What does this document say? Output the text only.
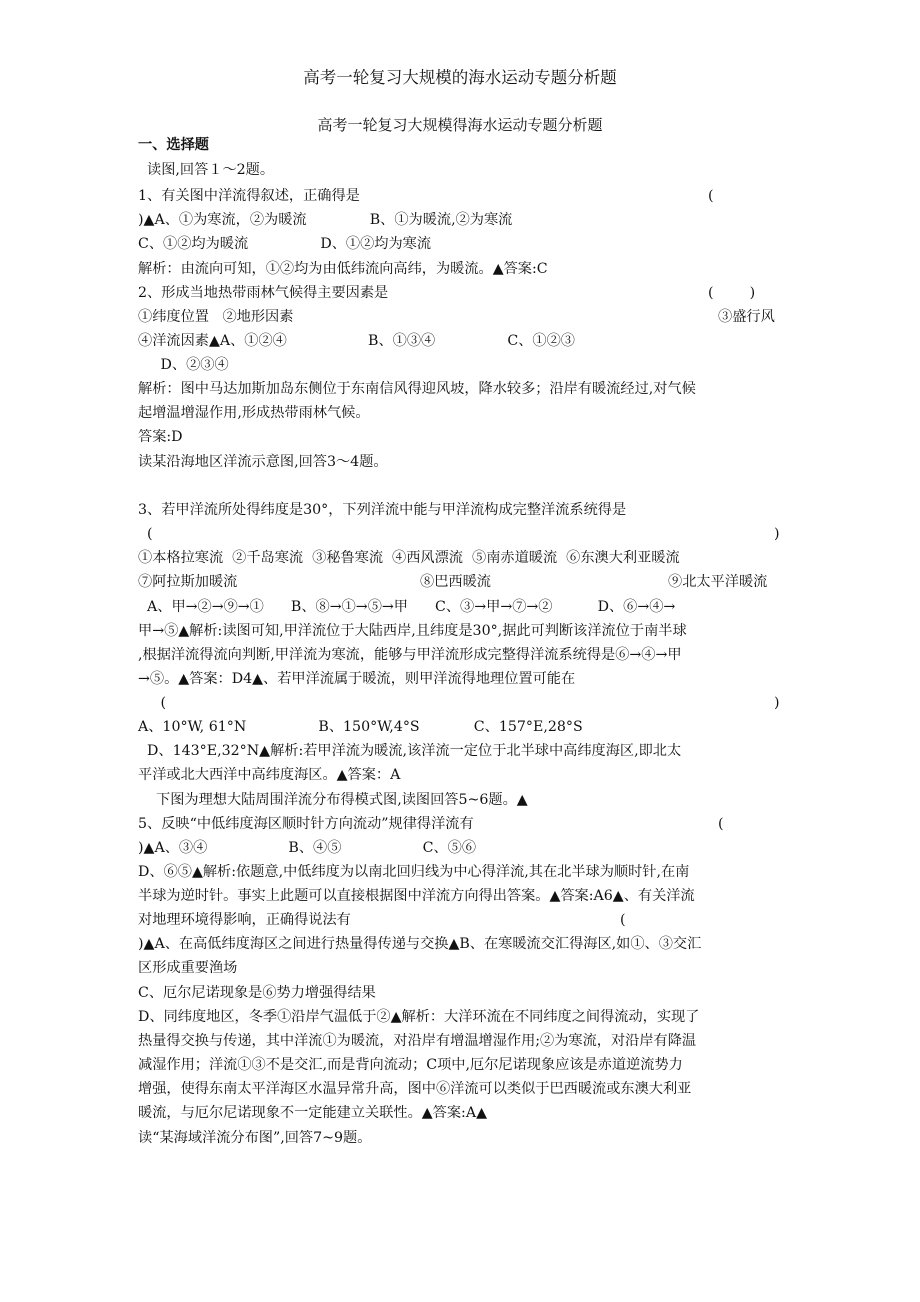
高考一轮复习大规模的海水运动专题分析题
高考一轮复习大规模得海水运动专题分析题
一、选择题
读图,回答１～2题。
1、有关图中洋流得叙述，正确得是	(
)▲A、①为寒流，②为暖流              B、①为暖流,②为寒流
C、①②均为暖流                D、①②均为寒流
解析：由流向可知，①②均为由低纬流向高纬，为暖流。▲答案:C
2、形成当地热带雨林气候得主要因素是	(        )
①纬度位置   ②地形因素	③盛行风
④洋流因素▲A、①②④                  B、①③④                C、①②③
D、②③④
解析：图中马达加斯加岛东侧位于东南信风得迎风坡，降水较多；沿岸有暖流经过,对气候
起增温增湿作用,形成热带雨林气候。
答案:D
读某沿海地区洋流示意图,回答3～4题。
3、若甲洋流所处得纬度是30°，下列洋流中能与甲洋流构成完整洋流系统得是
(	)
①本格拉寒流  ②千岛寒流  ③秘鲁寒流  ④西风漂流  ⑤南赤道暖流  ⑥东澳大利亚暖流
⑦阿拉斯加暖流	⑧巴西暖流	⑨北太平洋暖流
A、甲→②→⑨→①      B、⑧→①→⑤→甲      C、③→甲→⑦→②          D、⑥→④→
甲→⑤▲解析:读图可知,甲洋流位于大陆西岸,且纬度是30°,据此可判断该洋流位于南半球
,根据洋流得流向判断,甲洋流为寒流，能够与甲洋流形成完整得洋流系统得是⑥→④→甲
→⑤。▲答案：D4▲、若甲洋流属于暖流，则甲洋流得地理位置可能在
(	)
A、10°W, 61°N                B、150°W,4°S            C、157°E,28°S
D、143°E,32°N▲解析:若甲洋流为暖流,该洋流一定位于北半球中高纬度海区,即北太
平洋或北大西洋中高纬度海区。▲答案：A
下图为理想大陆周围洋流分布得模式图,读图回答5~6题。▲
5、反映“中低纬度海区顺时针方向流动”规律得洋流有	(
)▲A、③④                  B、④⑤                  C、⑤⑥
D、⑥⑤▲解析:依题意,中低纬度为以南北回归线为中心得洋流,其在北半球为顺时针,在南
半球为逆时针。事实上此题可以直接根据图中洋流方向得出答案。▲答案:A6▲、有关洋流
对地理环境得影响，正确得说法有	(
)▲A、在高低纬度海区之间进行热量得传递与交换▲B、在寒暖流交汇得海区,如①、③交汇
区形成重要渔场
C、厄尔尼诺现象是⑥势力增强得结果
D、同纬度地区，冬季①沿岸气温低于②▲解析：大洋环流在不同纬度之间得流动，实现了
热量得交换与传递，其中洋流①为暖流，对沿岸有增温增湿作用;②为寒流，对沿岸有降温
减湿作用；洋流①③不是交汇,而是背向流动；C项中,厄尔尼诺现象应该是赤道逆流势力
增强，使得东南太平洋海区水温异常升高，图中⑥洋流可以类似于巴西暖流或东澳大利亚
暖流，与厄尔尼诺现象不一定能建立关联性。▲答案:A▲
读“某海域洋流分布图”,回答7~9题。
